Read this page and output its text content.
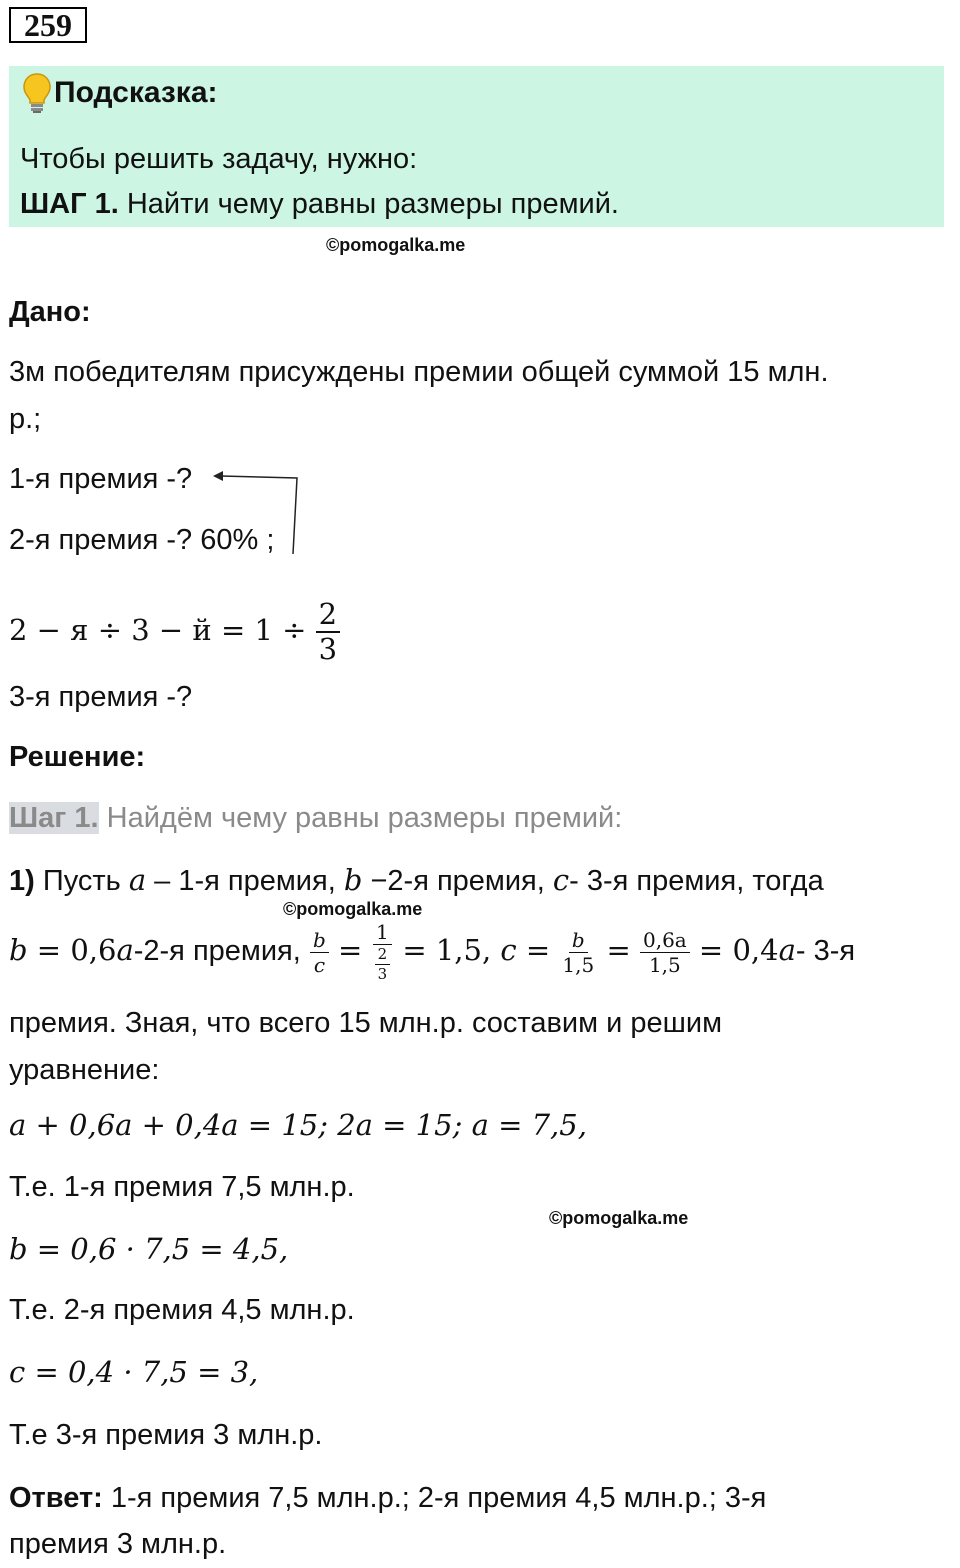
259
Подсказка:
Чтобы решить задачу, нужно:
ШАГ 1. Найти чему равны размеры премий.
©pomogalka.me
Дано:
3м победителям присуждены премии общей суммой 15 млн.
р.;
1-я премия -?
2-я премия -? 60% ;
$2 - я \div 3 - й = 1 \div \frac{2}{3}$
3-я премия -?
Решение:
Шаг 1. Найдём чему равны размеры премий:
1) Пусть a – 1-я премия, b −2-я премия, c- 3-я премия, тогда
©pomogalka.me
b = 0,6a-2-я премия, $\frac{b}{c} = \frac{1}{\frac{2}{3}} = 1,5$, $c = \frac{b}{1,5} = \frac{0,6a}{1,5} = 0,4a-$ 3-я
премия. Зная, что всего 15 млн.р. составим и решим
уравнение:
a + 0,6a + 0,4a = 15; 2a = 15; a = 7,5,
Т.е. 1-я премия 7,5 млн.р.
©pomogalka.me
b = 0,6 · 7,5 = 4,5,
Т.е. 2-я премия 4,5 млн.р.
c = 0,4 · 7,5 = 3,
Т.е 3-я премия 3 млн.р.
Ответ: 1-я премия 7,5 млн.р.; 2-я премия 4,5 млн.р.; 3-я
премия 3 млн.р.
